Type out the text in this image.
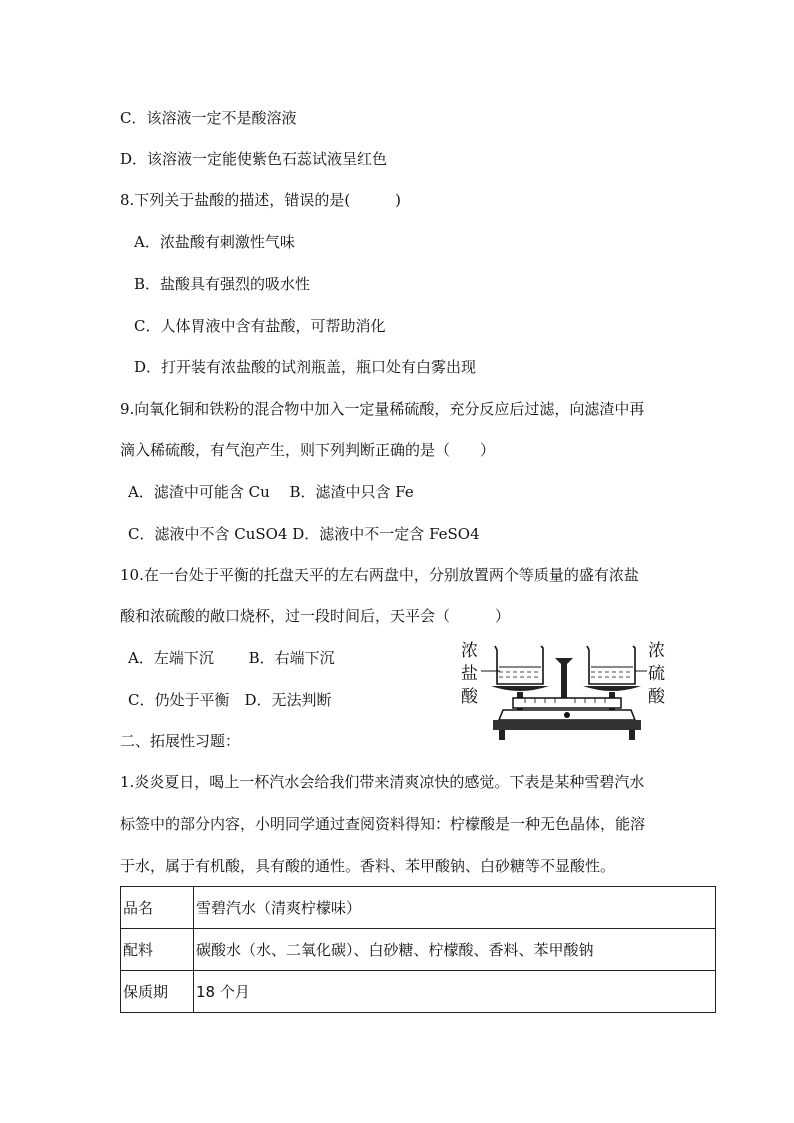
C．该溶液一定不是酸溶液
D．该溶液一定能使紫色石蕊试液呈红色
8.下列关于盐酸的描述，错误的是(　　　)
A．浓盐酸有刺激性气味
B．盐酸具有强烈的吸水性
C．人体胃液中含有盐酸，可帮助消化
D．打开装有浓盐酸的试剂瓶盖，瓶口处有白雾出现
9.向氧化铜和铁粉的混合物中加入一定量稀硫酸，充分反应后过滤，向滤渣中再
滴入稀硫酸，有气泡产生，则下列判断正确的是（　　）
A．滤渣中可能含 Cu　 B．滤渣中只含 Fe
C．滤液中不含 CuSO4 D．滤液中不一定含 FeSO4
10.在一台处于平衡的托盘天平的左右两盘中，分别放置两个等质量的盛有浓盐
酸和浓硫酸的敞口烧杯，过一段时间后，天平会（　　　）
A．左端下沉　　 B．右端下沉
C．仍处于平衡　D．无法判断
二、拓展性习题：
1.炎炎夏日，喝上一杯汽水会给我们带来清爽凉快的感觉。下表是某种雪碧汽水
标签中的部分内容，小明同学通过查阅资料得知：柠檬酸是一种无色晶体，能溶
于水，属于有机酸，具有酸的通性。香料、苯甲酸钠、白砂糖等不显酸性。
浓
盐
酸
浓
硫
酸
品名	雪碧汽水（清爽柠檬味）
配料	碳酸水（水、二氧化碳）、白砂糖、柠檬酸、香料、苯甲酸钠
保质期	18 个月
